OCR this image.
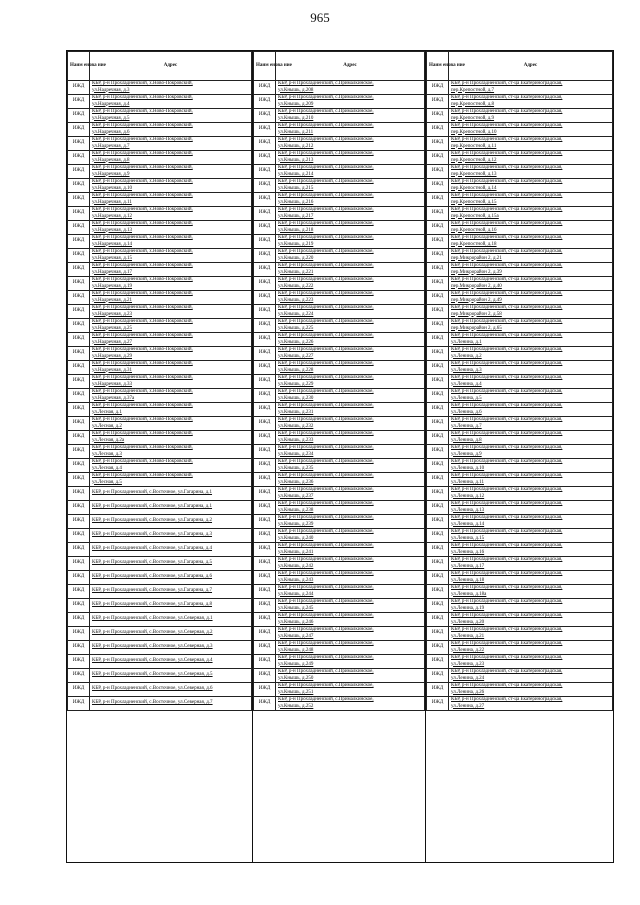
965
Наим енова ние	Адрес
ИЖД	КБР, р-н Прохладненский, х.Ново-Покровский,
ул.Надречная, д.3

ИЖД	КБР, р-н Прохладненский, х.Ново-Покровский,
ул.Надречная, д.4

ИЖД	КБР, р-н Прохладненский, х.Ново-Покровский,
ул.Надречная, д.5

ИЖД	КБР, р-н Прохладненский, х.Ново-Покровский,
ул.Надречная, д.6

ИЖД	КБР, р-н Прохладненский, х.Ново-Покровский,
ул.Надречная, д.7

ИЖД	КБР, р-н Прохладненский, х.Ново-Покровский,
ул.Надречная, д.8

ИЖД	КБР, р-н Прохладненский, х.Ново-Покровский,
ул.Надречная, д.9

ИЖД	КБР, р-н Прохладненский, х.Ново-Покровский,
ул.Надречная, д.10

ИЖД	КБР, р-н Прохладненский, х.Ново-Покровский,
ул.Надречная, д.11

ИЖД	КБР, р-н Прохладненский, х.Ново-Покровский,
ул.Надречная, д.12

ИЖД	КБР, р-н Прохладненский, х.Ново-Покровский,
ул.Надречная, д.13

ИЖД	КБР, р-н Прохладненский, х.Ново-Покровский,
ул.Надречная, д.14

ИЖД	КБР, р-н Прохладненский, х.Ново-Покровский,
ул.Надречная, д.15

ИЖД	КБР, р-н Прохладненский, х.Ново-Покровский,
ул.Надречная, д.17

ИЖД	КБР, р-н Прохладненский, х.Ново-Покровский,
ул.Надречная, д.19

ИЖД	КБР, р-н Прохладненский, х.Ново-Покровский,
ул.Надречная, д.21

ИЖД	КБР, р-н Прохладненский, х.Ново-Покровский,
ул.Надречная, д.23

ИЖД	КБР, р-н Прохладненский, х.Ново-Покровский,
ул.Надречная, д.25

ИЖД	КБР, р-н Прохладненский, х.Ново-Покровский,
ул.Надречная, д.27

ИЖД	КБР, р-н Прохладненский, х.Ново-Покровский,
ул.Надречная, д.29

ИЖД	КБР, р-н Прохладненский, х.Ново-Покровский,
ул.Надречная, д.31

ИЖД	КБР, р-н Прохладненский, х.Ново-Покровский,
ул.Надречная, д.33

ИЖД	КБР, р-н Прохладненский, х.Ново-Покровский,
ул.Надречная, д.37а

ИЖД	КБР, р-н Прохладненский, х.Ново-Покровский,
ул.Лесная, д.1

ИЖД	КБР, р-н Прохладненский, х.Ново-Покровский,
ул.Лесная, д.2

ИЖД	КБР, р-н Прохладненский, х.Ново-Покровский,
ул.Лесная, д.2а

ИЖД	КБР, р-н Прохладненский, х.Ново-Покровский,
ул.Лесная, д.3

ИЖД	КБР, р-н Прохладненский, х.Ново-Покровский,
ул.Лесная, д.4

ИЖД	КБР, р-н Прохладненский, х.Ново-Покровский,
ул.Лесная, д.5

ИЖД	КБР, р-н Прохладненский, с.Восточное, ул.Гагарина, д.1

ИЖД	КБР, р-н Прохладненский, с.Восточное, ул.Гагарина, д.1

ИЖД	КБР, р-н Прохладненский, с.Восточное, ул.Гагарина, д.2

ИЖД	КБР, р-н Прохладненский, с.Восточное, ул.Гагарина, д.3

ИЖД	КБР, р-н Прохладненский, с.Восточное, ул.Гагарина, д.4

ИЖД	КБР, р-н Прохладненский, с.Восточное, ул.Гагарина, д.5

ИЖД	КБР, р-н Прохладненский, с.Восточное, ул.Гагарина, д.6

ИЖД	КБР, р-н Прохладненский, с.Восточное, ул.Гагарина, д.7

ИЖД	КБР, р-н Прохладненский, с.Восточное, ул.Гагарина, д.8

ИЖД	КБР, р-н Прохладненский, с.Восточное, ул.Северная, д.1

ИЖД	КБР, р-н Прохладненский, с.Восточное, ул.Северная, д.2

ИЖД	КБР, р-н Прохладненский, с.Восточное, ул.Северная, д.3

ИЖД	КБР, р-н Прохладненский, с.Восточное, ул.Северная, д.4

ИЖД	КБР, р-н Прохладненский, с.Восточное, ул.Северная, д.5

ИЖД	КБР, р-н Прохладненский, с.Восточное, ул.Северная, д.6

ИЖД	КБР, р-н Прохладненский, с.Восточное, ул.Северная, д.7
Наим енова ние	Адрес
ИЖД	КБР, р-н Прохладненский, с.Прималкинское,
ул.Кнышь, д.208

ИЖД	КБР, р-н Прохладненский, с.Прималкинское,
ул.Кнышь, д.209

ИЖД	КБР, р-н Прохладненский, с.Прималкинское,
ул.Кнышь, д.210

ИЖД	КБР, р-н Прохладненский, с.Прималкинское,
ул.Кнышь, д.211

ИЖД	КБР, р-н Прохладненский, с.Прималкинское,
ул.Кнышь, д.212

ИЖД	КБР, р-н Прохладненский, с.Прималкинское,
ул.Кнышь, д.213

ИЖД	КБР, р-н Прохладненский, с.Прималкинское,
ул.Кнышь, д.214

ИЖД	КБР, р-н Прохладненский, с.Прималкинское,
ул.Кнышь, д.215

ИЖД	КБР, р-н Прохладненский, с.Прималкинское,
ул.Кнышь, д.216

ИЖД	КБР, р-н Прохладненский, с.Прималкинское,
ул.Кнышь, д.217

ИЖД	КБР, р-н Прохладненский, с.Прималкинское,
ул.Кнышь, д.218

ИЖД	КБР, р-н Прохладненский, с.Прималкинское,
ул.Кнышь, д.219

ИЖД	КБР, р-н Прохладненский, с.Прималкинское,
ул.Кнышь, д.220

ИЖД	КБР, р-н Прохладненский, с.Прималкинское,
ул.Кнышь, д.221

ИЖД	КБР, р-н Прохладненский, с.Прималкинское,
ул.Кнышь, д.222

ИЖД	КБР, р-н Прохладненский, с.Прималкинское,
ул.Кнышь, д.223

ИЖД	КБР, р-н Прохладненский, с.Прималкинское,
ул.Кнышь, д.224

ИЖД	КБР, р-н Прохладненский, с.Прималкинское,
ул.Кнышь, д.225

ИЖД	КБР, р-н Прохладненский, с.Прималкинское,
ул.Кнышь, д.226

ИЖД	КБР, р-н Прохладненский, с.Прималкинское,
ул.Кнышь, д.227

ИЖД	КБР, р-н Прохладненский, с.Прималкинское,
ул.Кнышь, д.228

ИЖД	КБР, р-н Прохладненский, с.Прималкинское,
ул.Кнышь, д.229

ИЖД	КБР, р-н Прохладненский, с.Прималкинское,
ул.Кнышь, д.230

ИЖД	КБР, р-н Прохладненский, с.Прималкинское,
ул.Кнышь, д.231

ИЖД	КБР, р-н Прохладненский, с.Прималкинское,
ул.Кнышь, д.232

ИЖД	КБР, р-н Прохладненский, с.Прималкинское,
ул.Кнышь, д.233

ИЖД	КБР, р-н Прохладненский, с.Прималкинское,
ул.Кнышь, д.234

ИЖД	КБР, р-н Прохладненский, с.Прималкинское,
ул.Кнышь, д.235

ИЖД	КБР, р-н Прохладненский, с.Прималкинское,
ул.Кнышь, д.236

ИЖД	КБР, р-н Прохладненский, с.Прималкинское,
ул.Кнышь, д.237

ИЖД	КБР, р-н Прохладненский, с.Прималкинское,
ул.Кнышь, д.238

ИЖД	КБР, р-н Прохладненский, с.Прималкинское,
ул.Кнышь, д.239

ИЖД	КБР, р-н Прохладненский, с.Прималкинское,
ул.Кнышь, д.240

ИЖД	КБР, р-н Прохладненский, с.Прималкинское,
ул.Кнышь, д.241

ИЖД	КБР, р-н Прохладненский, с.Прималкинское,
ул.Кнышь, д.242

ИЖД	КБР, р-н Прохладненский, с.Прималкинское,
ул.Кнышь, д.243

ИЖД	КБР, р-н Прохладненский, с.Прималкинское,
ул.Кнышь, д.244

ИЖД	КБР, р-н Прохладненский, с.Прималкинское,
ул.Кнышь, д.245

ИЖД	КБР, р-н Прохладненский, с.Прималкинское,
ул.Кнышь, д.246

ИЖД	КБР, р-н Прохладненский, с.Прималкинское,
ул.Кнышь, д.247

ИЖД	КБР, р-н Прохладненский, с.Прималкинское,
ул.Кнышь, д.248

ИЖД	КБР, р-н Прохладненский, с.Прималкинское,
ул.Кнышь, д.249

ИЖД	КБР, р-н Прохладненский, с.Прималкинское,
ул.Кнышь, д.250

ИЖД	КБР, р-н Прохладненский, с.Прималкинское,
ул.Кнышь, д.251

ИЖД	КБР, р-н Прохладненский, с.Прималкинское,
ул.Кнышь, д.252
Наим енова ние	Адрес
ИЖД	КБР, р-н Прохладненский, ст-ца Екатериноградская,
пер.Крепостной, д.7

ИЖД	КБР, р-н Прохладненский, ст-ца Екатериноградская,
пер.Крепостной, д.8

ИЖД	КБР, р-н Прохладненский, ст-ца Екатериноградская,
пер.Крепостной, д.9

ИЖД	КБР, р-н Прохладненский, ст-ца Екатериноградская,
пер.Крепостной, д.10

ИЖД	КБР, р-н Прохладненский, ст-ца Екатериноградская,
пер.Крепостной, д.11

ИЖД	КБР, р-н Прохладненский, ст-ца Екатериноградская,
пер.Крепостной, д.12

ИЖД	КБР, р-н Прохладненский, ст-ца Екатериноградская,
пер.Крепостной, д.13

ИЖД	КБР, р-н Прохладненский, ст-ца Екатериноградская,
пер.Крепостной, д.14

ИЖД	КБР, р-н Прохладненский, ст-ца Екатериноградская,
пер.Крепостной, д.15

ИЖД	КБР, р-н Прохладненский, ст-ца Екатериноградская,
пер.Крепостной, д.15а

ИЖД	КБР, р-н Прохладненский, ст-ца Екатериноградская,
пер.Крепостной, д.16

ИЖД	КБР, р-н Прохладненский, ст-ца Екатериноградская,
пер.Крепостной, д.18

ИЖД	КБР, р-н Прохладненский, ст-ца Екатериноградская,
пер.Микрорайон 2, д.21

ИЖД	КБР, р-н Прохладненский, ст-ца Екатериноградская,
пер.Микрорайон 2, д.39

ИЖД	КБР, р-н Прохладненский, ст-ца Екатериноградская,
пер.Микрорайон 2, д.40

ИЖД	КБР, р-н Прохладненский, ст-ца Екатериноградская,
пер.Микрорайон 2, д.49

ИЖД	КБР, р-н Прохладненский, ст-ца Екатериноградская,
пер.Микрорайон 2, д.58

ИЖД	КБР, р-н Прохладненский, ст-ца Екатериноградская,
пер.Микрорайон 2, д.65

ИЖД	КБР, р-н Прохладненский, ст-ца Екатериноградская,
ул.Ленина, д.1

ИЖД	КБР, р-н Прохладненский, ст-ца Екатериноградская,
ул.Ленина, д.2

ИЖД	КБР, р-н Прохладненский, ст-ца Екатериноградская,
ул.Ленина, д.3

ИЖД	КБР, р-н Прохладненский, ст-ца Екатериноградская,
ул.Ленина, д.4

ИЖД	КБР, р-н Прохладненский, ст-ца Екатериноградская,
ул.Ленина, д.5

ИЖД	КБР, р-н Прохладненский, ст-ца Екатериноградская,
ул.Ленина, д.6

ИЖД	КБР, р-н Прохладненский, ст-ца Екатериноградская,
ул.Ленина, д.7

ИЖД	КБР, р-н Прохладненский, ст-ца Екатериноградская,
ул.Ленина, д.8

ИЖД	КБР, р-н Прохладненский, ст-ца Екатериноградская,
ул.Ленина, д.9

ИЖД	КБР, р-н Прохладненский, ст-ца Екатериноградская,
ул.Ленина, д.10

ИЖД	КБР, р-н Прохладненский, ст-ца Екатериноградская,
ул.Ленина, д.11

ИЖД	КБР, р-н Прохладненский, ст-ца Екатериноградская,
ул.Ленина, д.12

ИЖД	КБР, р-н Прохладненский, ст-ца Екатериноградская,
ул.Ленина, д.13

ИЖД	КБР, р-н Прохладненский, ст-ца Екатериноградская,
ул.Ленина, д.14

ИЖД	КБР, р-н Прохладненский, ст-ца Екатериноградская,
ул.Ленина, д.15

ИЖД	КБР, р-н Прохладненский, ст-ца Екатериноградская,
ул.Ленина, д.16

ИЖД	КБР, р-н Прохладненский, ст-ца Екатериноградская,
ул.Ленина, д.17

ИЖД	КБР, р-н Прохладненский, ст-ца Екатериноградская,
ул.Ленина, д.18

ИЖД	КБР, р-н Прохладненский, ст-ца Екатериноградская,
ул.Ленина, д.18а

ИЖД	КБР, р-н Прохладненский, ст-ца Екатериноградская,
ул.Ленина, д.19

ИЖД	КБР, р-н Прохладненский, ст-ца Екатериноградская,
ул.Ленина, д.20

ИЖД	КБР, р-н Прохладненский, ст-ца Екатериноградская,
ул.Ленина, д.21

ИЖД	КБР, р-н Прохладненский, ст-ца Екатериноградская,
ул.Ленина, д.22

ИЖД	КБР, р-н Прохладненский, ст-ца Екатериноградская,
ул.Ленина, д.23

ИЖД	КБР, р-н Прохладненский, ст-ца Екатериноградская,
ул.Ленина, д.24

ИЖД	КБР, р-н Прохладненский, ст-ца Екатериноградская,
ул.Ленина, д.26

ИЖД	КБР, р-н Прохладненский, ст-ца Екатериноградская,
ул.Ленина, д.27
